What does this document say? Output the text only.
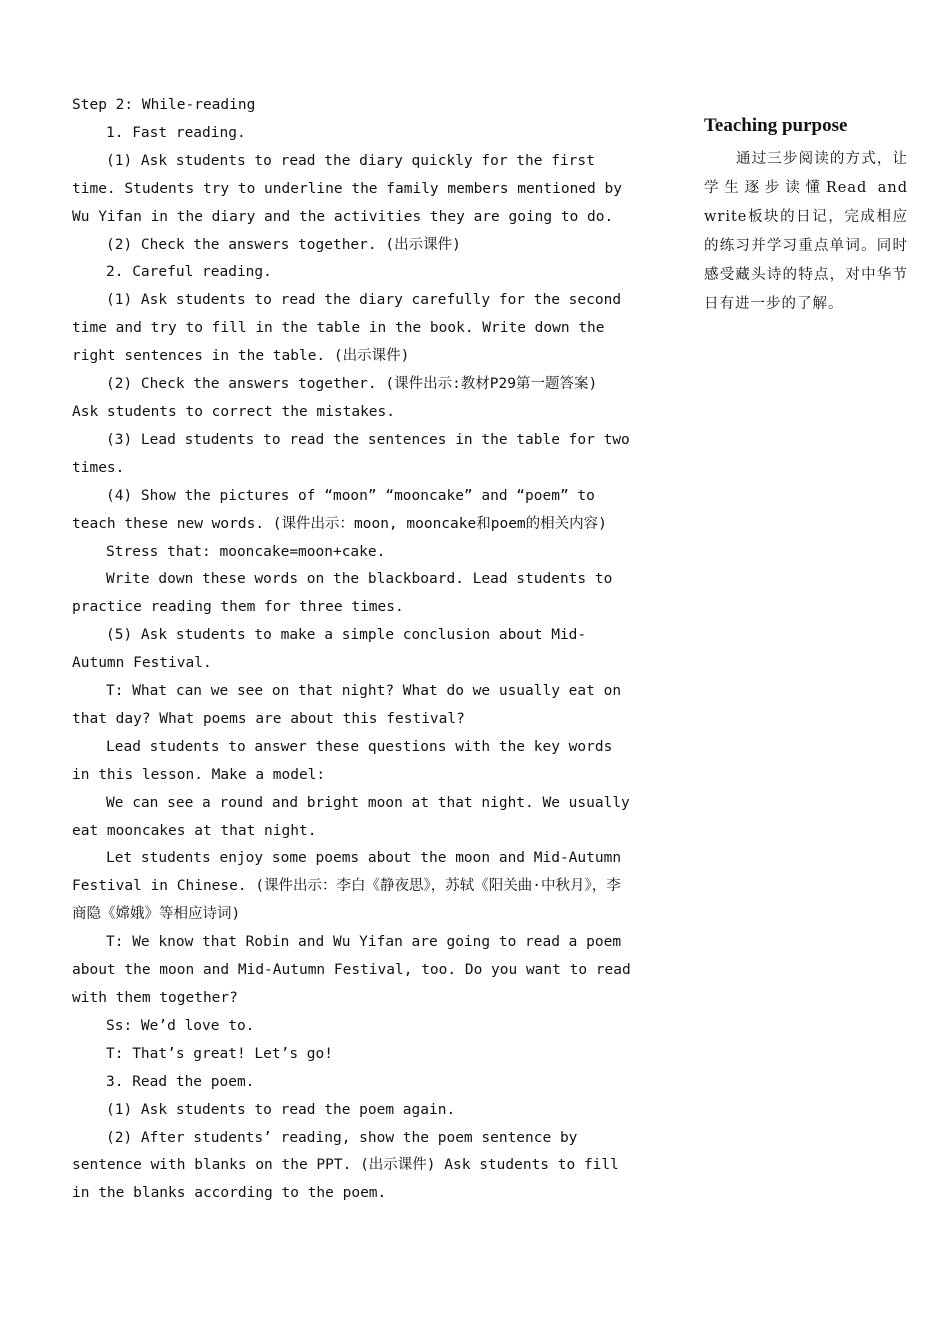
Step 2: While-reading

1. Fast reading.

(1) Ask students to read the diary quickly for the first time. Students try to underline the family members mentioned by Wu Yifan in the diary and the activities they are going to do.

(2) Check the answers together. (出示课件)

2. Careful reading.

(1) Ask students to read the diary carefully for the second time and try to fill in the table in the book. Write down the right sentences in the table. (出示课件)

(2) Check the answers together. (课件出示:教材P29第一题答案) Ask students to correct the mistakes.

(3) Lead students to read the sentences in the table for two times.

(4) Show the pictures of “moon” “mooncake” and “poem” to teach these new words. (课件出示：moon, mooncake和poem的相关内容)

Stress that: mooncake=moon+cake.

Write down these words on the blackboard. Lead students to practice reading them for three times.

(5) Ask students to make a simple conclusion about Mid-Autumn Festival.

T: What can we see on that night? What do we usually eat on that day? What poems are about this festival?

Lead students to answer these questions with the key words in this lesson. Make a model:

We can see a round and bright moon at that night. We usually eat mooncakes at that night.

Let students enjoy some poems about the moon and Mid-Autumn Festival in Chinese. (课件出示：李白《静夜思》，苏轼《阳关曲·中秋月》，李商隐《嫦娥》等相应诗词)

T: We know that Robin and Wu Yifan are going to read a poem about the moon and Mid-Autumn Festival, too. Do you want to read with them together?

Ss: We’d love to.

T: That’s great! Let’s go!

3. Read the poem.

(1) Ask students to read the poem again.

(2) After students’ reading, show the poem sentence by sentence with blanks on the PPT. (出示课件) Ask students to fill in the blanks according to the poem.

Teaching purpose
通过三步阅读的方式，让学生逐步读懂Read and write板块的日记，完成相应的练习并学习重点单词。同时感受藏头诗的特点，对中华节日有进一步的了解。
